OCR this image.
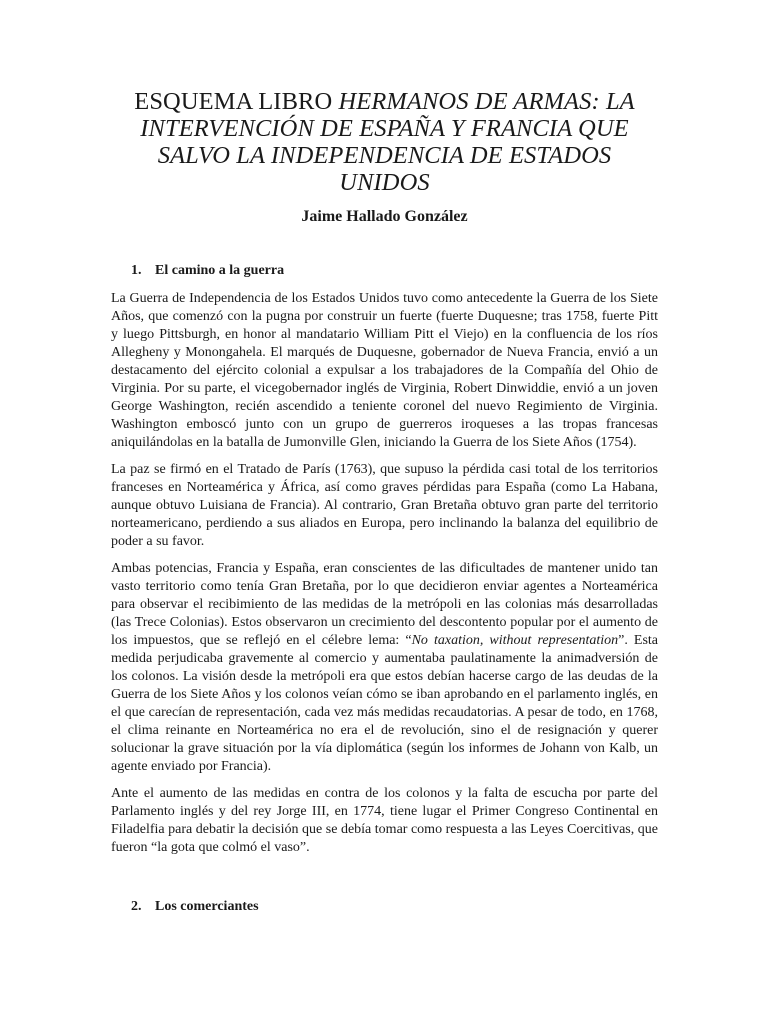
ESQUEMA LIBRO HERMANOS DE ARMAS: LA INTERVENCIÓN DE ESPAÑA Y FRANCIA QUE SALVO LA INDEPENDENCIA DE ESTADOS UNIDOS
Jaime Hallado González
1. El camino a la guerra

La Guerra de Independencia de los Estados Unidos tuvo como antecedente la Guerra de los Siete Años, que comenzó con la pugna por construir un fuerte (fuerte Duquesne; tras 1758, fuerte Pitt y luego Pittsburgh, en honor al mandatario William Pitt el Viejo) en la confluencia de los ríos Allegheny y Monongahela. El marqués de Duquesne, gobernador de Nueva Francia, envió a un destacamento del ejército colonial a expulsar a los trabajadores de la Compañía del Ohio de Virginia. Por su parte, el vicegobernador inglés de Virginia, Robert Dinwiddie, envió a un joven George Washington, recién ascendido a teniente coronel del nuevo Regimiento de Virginia. Washington emboscó junto con un grupo de guerreros iroqueses a las tropas francesas aniquilándolas en la batalla de Jumonville Glen, iniciando la Guerra de los Siete Años (1754).

La paz se firmó en el Tratado de París (1763), que supuso la pérdida casi total de los territorios franceses en Norteamérica y África, así como graves pérdidas para España (como La Habana, aunque obtuvo Luisiana de Francia). Al contrario, Gran Bretaña obtuvo gran parte del territorio norteamericano, perdiendo a sus aliados en Europa, pero inclinando la balanza del equilibrio de poder a su favor.

Ambas potencias, Francia y España, eran conscientes de las dificultades de mantener unido tan vasto territorio como tenía Gran Bretaña, por lo que decidieron enviar agentes a Norteamérica para observar el recibimiento de las medidas de la metrópoli en las colonias más desarrolladas (las Trece Colonias). Estos observaron un crecimiento del descontento popular por el aumento de los impuestos, que se reflejó en el célebre lema: “No taxation, without representation”. Esta medida perjudicaba gravemente al comercio y aumentaba paulatinamente la animadversión de los colonos. La visión desde la metrópoli era que estos debían hacerse cargo de las deudas de la Guerra de los Siete Años y los colonos veían cómo se iban aprobando en el parlamento inglés, en el que carecían de representación, cada vez más medidas recaudatorias. A pesar de todo, en 1768, el clima reinante en Norteamérica no era el de revolución, sino el de resignación y querer solucionar la grave situación por la vía diplomática (según los informes de Johann von Kalb, un agente enviado por Francia).

Ante el aumento de las medidas en contra de los colonos y la falta de escucha por parte del Parlamento inglés y del rey Jorge III, en 1774, tiene lugar el Primer Congreso Continental en Filadelfia para debatir la decisión que se debía tomar como respuesta a las Leyes Coercitivas, que fueron “la gota que colmó el vaso”.

2. Los comerciantes
